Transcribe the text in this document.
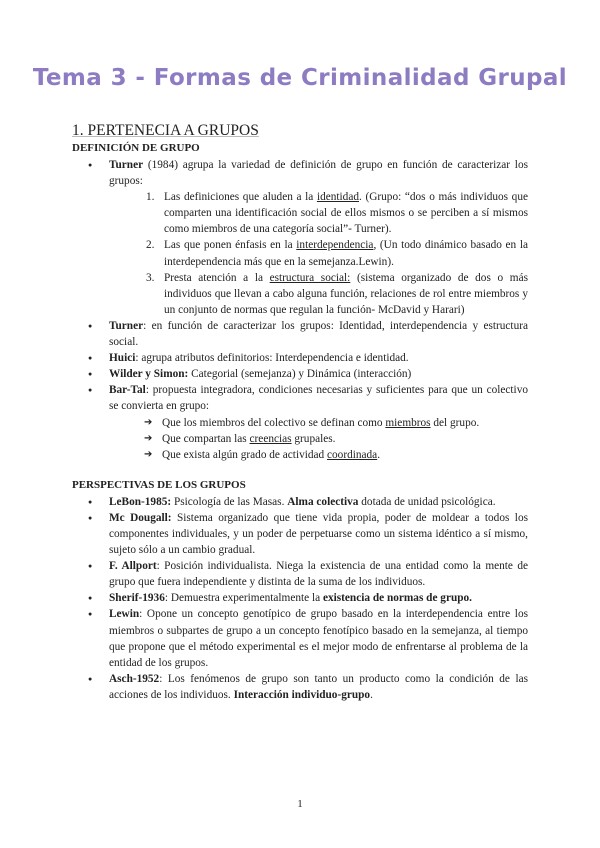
Tema 3 - Formas de Criminalidad Grupal
1. PERTENECIA A GRUPOS
DEFINICIÓN DE GRUPO
● Turner (1984) agrupa la variedad de definición de grupo en función de caracterizar los grupos:
1. Las definiciones que aluden a la identidad. (Grupo: “dos o más individuos que comparten una identificación social de ellos mismos o se perciben a sí mismos como miembros de una categoría social”- Turner).
2. Las que ponen énfasis en la interdependencia, (Un todo dinámico basado en la interdependencia más que en la semejanza.Lewin).
3. Presta atención a la estructura social: (sistema organizado de dos o más individuos que llevan a cabo alguna función, relaciones de rol entre miembros y un conjunto de normas que regulan la función- McDavid y Harari)
● Turner: en función de caracterizar los grupos: Identidad, interdependencia y estructura social.
● Huici: agrupa atributos definitorios: Interdependencia e identidad.
● Wilder y Simon: Categorial (semejanza) y Dinámica (interacción)
● Bar-Tal: propuesta integradora, condiciones necesarias y suficientes para que un colectivo se convierta en grupo:
➔ Que los miembros del colectivo se definan como miembros del grupo.
➔ Que compartan las creencias grupales.
➔ Que exista algún grado de actividad coordinada.
PERSPECTIVAS DE LOS GRUPOS
● LeBon-1985: Psicología de las Masas. Alma colectiva dotada de unidad psicológica.
● Mc Dougall: Sistema organizado que tiene vida propia, poder de moldear a todos los componentes individuales, y un poder de perpetuarse como un sistema idéntico a sí mismo, sujeto sólo a un cambio gradual.
● F. Allport: Posición individualista. Niega la existencia de una entidad como la mente de grupo que fuera independiente y distinta de la suma de los individuos.
● Sherif-1936: Demuestra experimentalmente la existencia de normas de grupo.
● Lewin: Opone un concepto genotípico de grupo basado en la interdependencia entre los miembros o subpartes de grupo a un concepto fenotípico basado en la semejanza, al tiempo que propone que el método experimental es el mejor modo de enfrentarse al problema de la entidad de los grupos.
● Asch-1952: Los fenómenos de grupo son tanto un producto como la condición de las acciones de los individuos. Interacción individuo-grupo.
1
